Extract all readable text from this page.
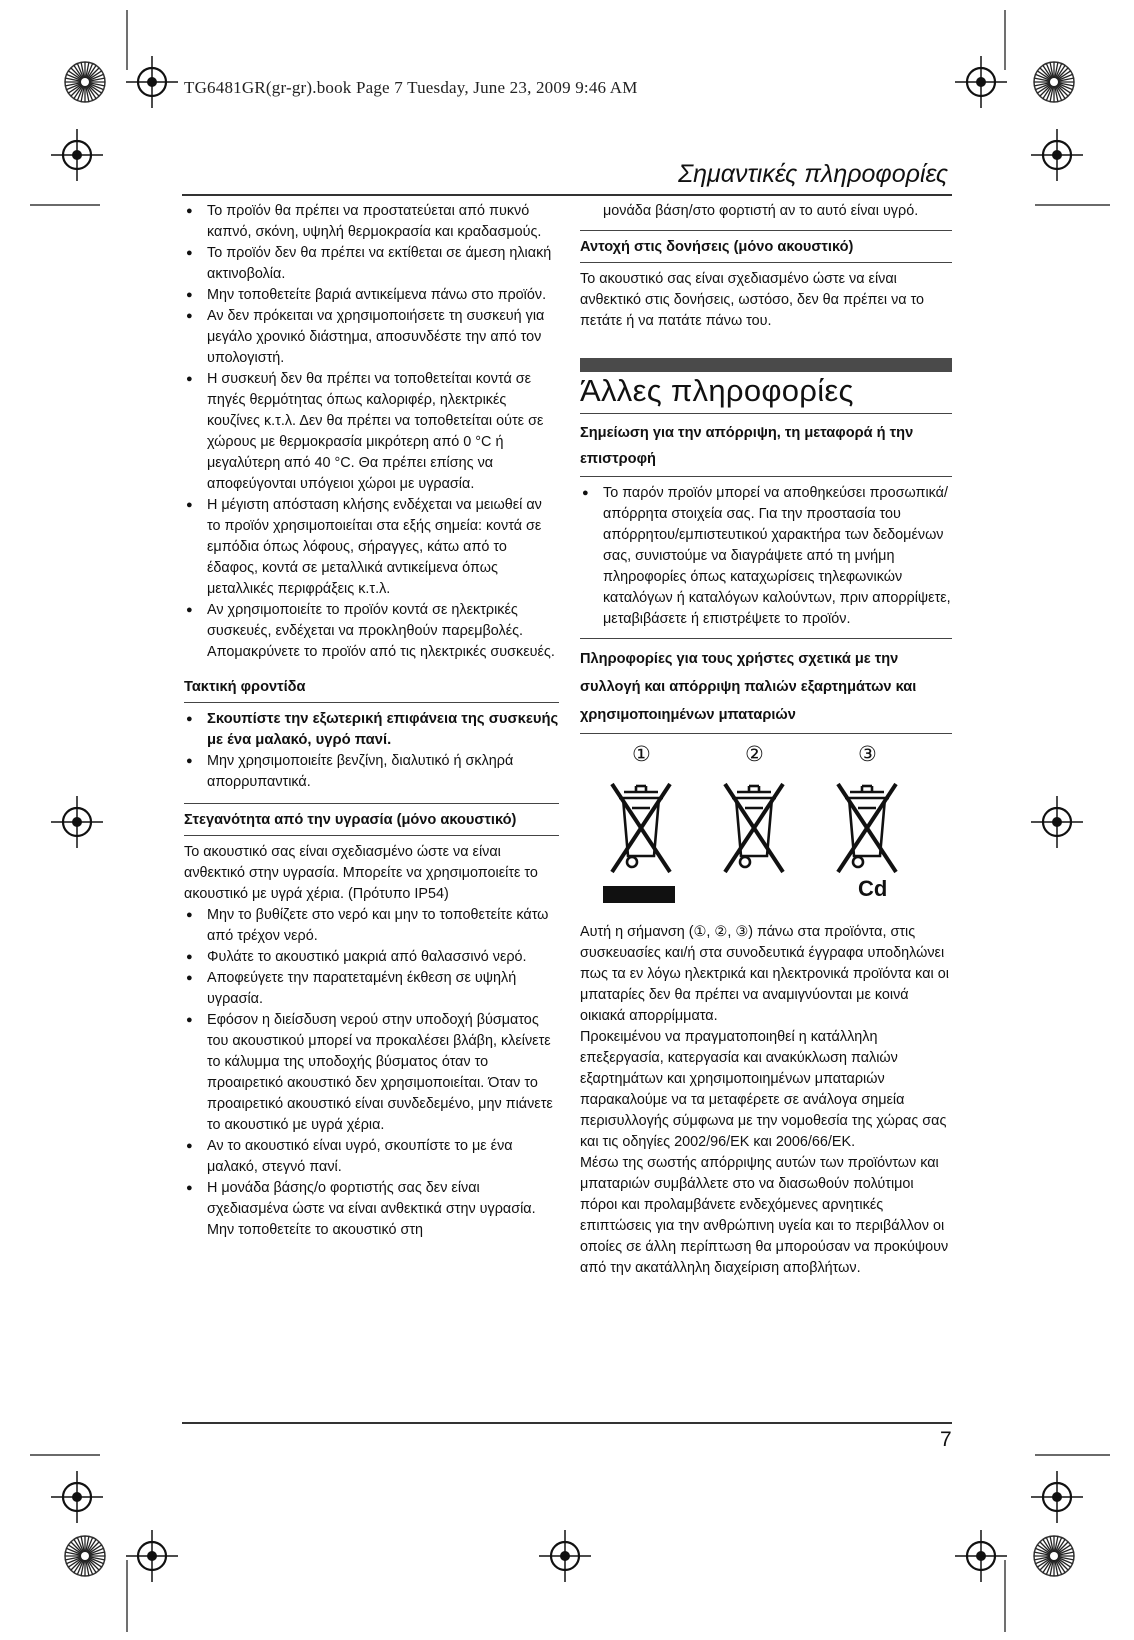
TG6481GR(gr-gr).book Page 7 Tuesday, June 23, 2009 9:46 AM
Σημαντικές πληροφορίες
● Το προϊόν θα πρέπει να προστατεύεται από πυκνό καπνό, σκόνη, υψηλή θερμοκρασία και κραδασμούς.
● Το προϊόν δεν θα πρέπει να εκτίθεται σε άμεση ηλιακή ακτινοβολία.
● Μην τοποθετείτε βαριά αντικείμενα πάνω στο προϊόν.
● Αν δεν πρόκειται να χρησιμοποιήσετε τη συσκευή για μεγάλο χρονικό διάστημα, αποσυνδέστε την από τον υπολογιστή.
● Η συσκευή δεν θα πρέπει να τοποθετείται κοντά σε πηγές θερμότητας όπως καλοριφέρ, ηλεκτρικές κουζίνες κ.τ.λ. Δεν θα πρέπει να τοποθετείται ούτε σε χώρους με θερμοκρασία μικρότερη από 0 °C ή μεγαλύτερη από 40 °C. Θα πρέπει επίσης να αποφεύγονται υπόγειοι χώροι με υγρασία.
● Η μέγιστη απόσταση κλήσης ενδέχεται να μειωθεί αν το προϊόν χρησιμοποιείται στα εξής σημεία: κοντά σε εμπόδια όπως λόφους, σήραγγες, κάτω από το έδαφος, κοντά σε μεταλλικά αντικείμενα όπως μεταλλικές περιφράξεις κ.τ.λ.
● Αν χρησιμοποιείτε το προϊόν κοντά σε ηλεκτρικές συσκευές, ενδέχεται να προκληθούν παρεμβολές. Απομακρύνετε το προϊόν από τις ηλεκτρικές συσκευές.

Τακτική φροντίδα

● Σκουπίστε την εξωτερική επιφάνεια της συσκευής με ένα μαλακό, υγρό πανί.
● Μην χρησιμοποιείτε βενζίνη, διαλυτικό ή σκληρά απορρυπαντικά.

Στεγανότητα από την υγρασία (μόνο ακουστικό)

Το ακουστικό σας είναι σχεδιασμένο ώστε να είναι ανθεκτικό στην υγρασία. Μπορείτε να χρησιμοποιείτε το ακουστικό με υγρά χέρια. (Πρότυπο IP54)

● Μην το βυθίζετε στο νερό και μην το τοποθετείτε κάτω από τρέχον νερό.
● Φυλάτε το ακουστικό μακριά από θαλασσινό νερό.
● Αποφεύγετε την παρατεταμένη έκθεση σε υψηλή υγρασία.
● Εφόσον η διείσδυση νερού στην υποδοχή βύσματος του ακουστικού μπορεί να προκαλέσει βλάβη, κλείνετε το κάλυμμα της υποδοχής βύσματος όταν το προαιρετικό ακουστικό δεν χρησιμοποιείται. Όταν το προαιρετικό ακουστικό είναι συνδεδεμένο, μην πιάνετε το ακουστικό με υγρά χέρια.
● Αν το ακουστικό είναι υγρό, σκουπίστε το με ένα μαλακό, στεγνό πανί.
● Η μονάδα βάσης/ο φορτιστής σας δεν είναι σχεδιασμένα ώστε να είναι ανθεκτικά στην υγρασία. Μην τοποθετείτε το ακουστικό στη

μονάδα βάση/στο φορτιστή αν το αυτό είναι υγρό.

Αντοχή στις δονήσεις (μόνο ακουστικό)

Το ακουστικό σας είναι σχεδιασμένο ώστε να είναι ανθεκτικό στις δονήσεις, ωστόσο, δεν θα πρέπει να το πετάτε ή να πατάτε πάνω του.

Άλλες πληροφορίες

Σημείωση για την απόρριψη, τη μεταφορά ή την επιστροφή

● Το παρόν προϊόν μπορεί να αποθηκεύσει προσωπικά/απόρρητα στοιχεία σας. Για την προστασία του απόρρητου/εμπιστευτικού χαρακτήρα των δεδομένων σας, συνιστούμε να διαγράψετε από τη μνήμη πληροφορίες όπως καταχωρίσεις τηλεφωνικών καταλόγων ή καταλόγων καλούντων, πριν απορρίψετε, μεταβιβάσετε ή επιστρέψετε το προϊόν.

Πληροφορίες για τους χρήστες σχετικά με την συλλογή και απόρριψη παλιών εξαρτημάτων και χρησιμοποιημένων μπαταριών

①	②	③
Cd

Αυτή η σήμανση (①, ②, ③) πάνω στα προϊόντα, στις συσκευασίες και/ή στα συνοδευτικά έγγραφα υποδηλώνει πως τα εν λόγω ηλεκτρικά και ηλεκτρονικά προϊόντα και οι μπαταρίες δεν θα πρέπει να αναμιγνύονται με κοινά οικιακά απορρίμματα.

Προκειμένου να πραγματοποιηθεί η κατάλληλη επεξεργασία, κατεργασία και ανακύκλωση παλιών εξαρτημάτων και χρησιμοποιημένων μπαταριών παρακαλούμε να τα μεταφέρετε σε ανάλογα σημεία περισυλλογής σύμφωνα με την νομοθεσία της χώρας σας και τις οδηγίες 2002/96/ΕΚ και 2006/66/ΕΚ.

Μέσω της σωστής απόρριψης αυτών των προϊόντων και μπαταριών συμβάλλετε στο να διασωθούν πολύτιμοι πόροι και προλαμβάνετε ενδεχόμενες αρνητικές επιπτώσεις για την ανθρώπινη υγεία και το περιβάλλον οι οποίες σε άλλη περίπτωση θα μπορούσαν να προκύψουν από την ακατάλληλη διαχείριση αποβλήτων.

7
